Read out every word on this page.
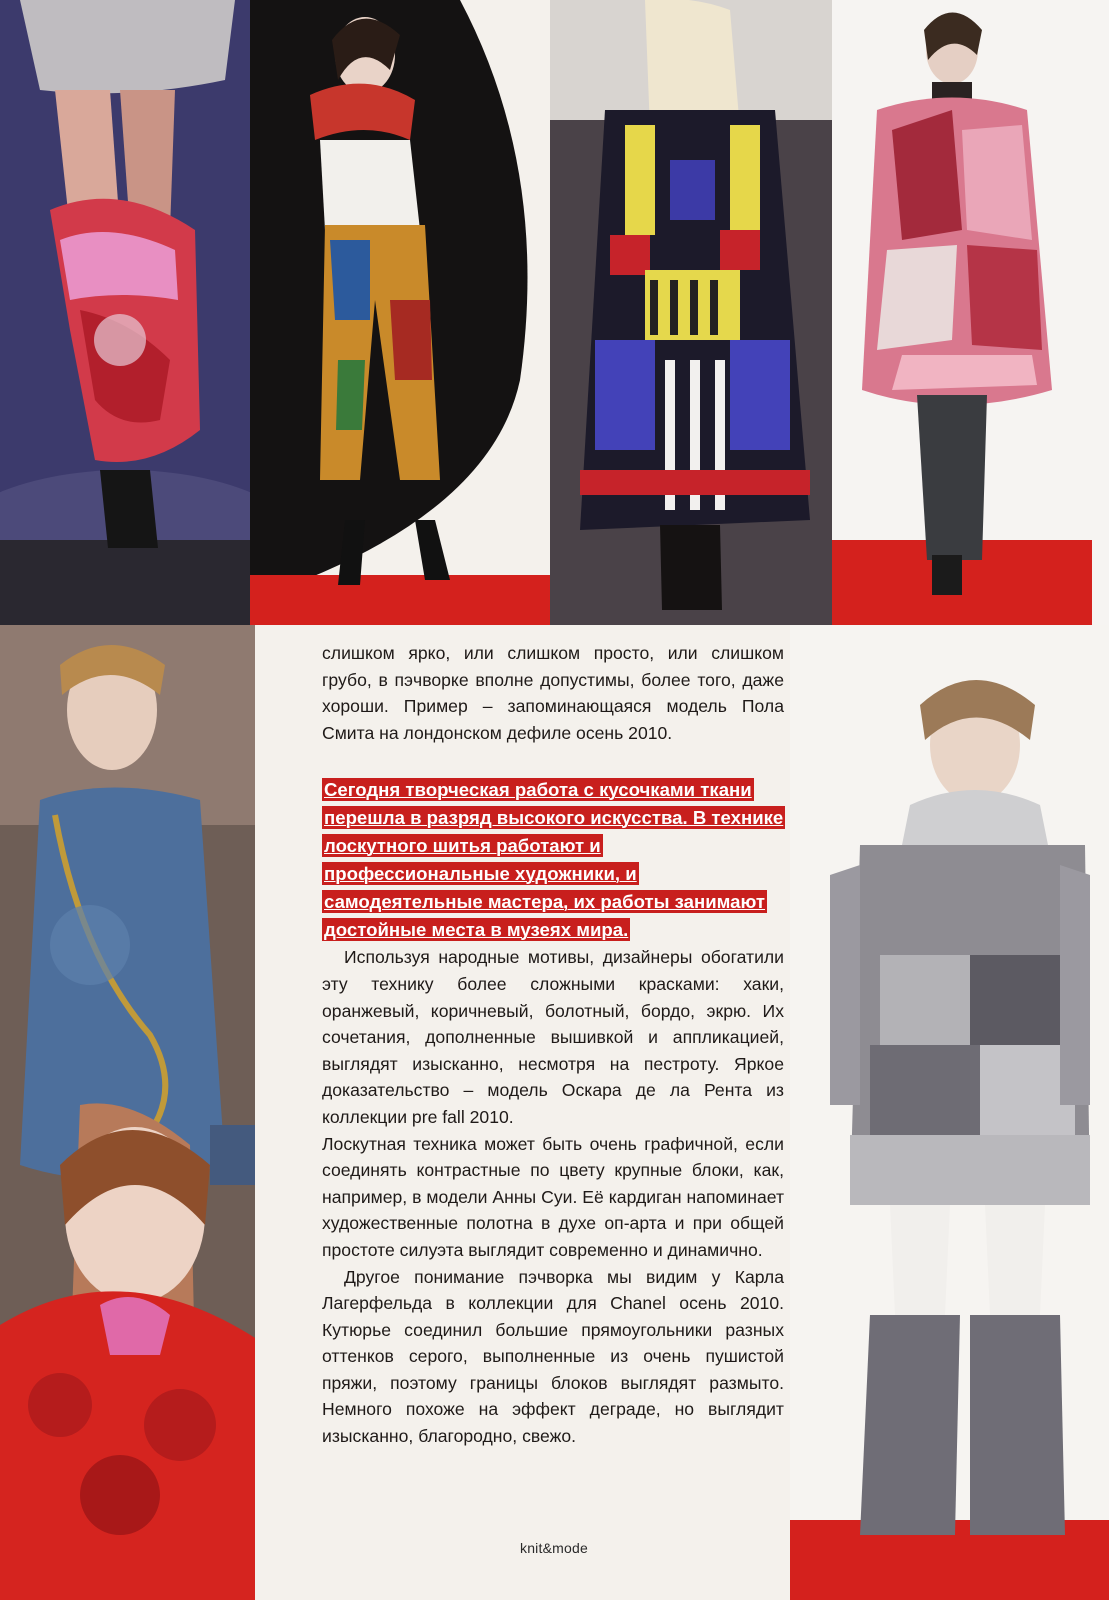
слишком ярко, или слишком просто, или слишком грубо, в пэчворке вполне допустимы, более того, даже хороши. Пример – запоминающаяся модель Пола Смита на лондонском дефиле осень 2010.

Сегодня творческая работа с кусочками ткани перешла в разряд высокого искусства. В технике лоскутного шитья работают и профессиональные художники, и самодеятельные мастера, их работы занимают достойные места в музеях мира.

Используя народные мотивы, дизайнеры обогатили эту технику более сложными красками: хаки, оранжевый, коричневый, болотный, бордо, экрю. Их сочетания, дополненные вышивкой и аппликацией, выглядят изысканно, несмотря на пестроту. Яркое доказательство – модель Оскара де ла Рента из коллекции pre fall 2010.

Лоскутная техника может быть очень графичной, если соединять контрастные по цвету крупные блоки, как, например, в модели Анны Суи. Её кардиган напоминает художественные полотна в духе оп-арта и при общей простоте силуэта выглядит современно и динамично.

Другое понимание пэчворка мы видим у Карла Лагерфельда в коллекции для Chanel осень 2010. Кутюрье соединил большие прямоугольники разных оттенков серого, выполненные из очень пушистой пряжи, поэтому границы блоков выглядят размыто. Немного похоже на эффект деграде, но выглядит изысканно, благородно, свежо.

knit&mode
